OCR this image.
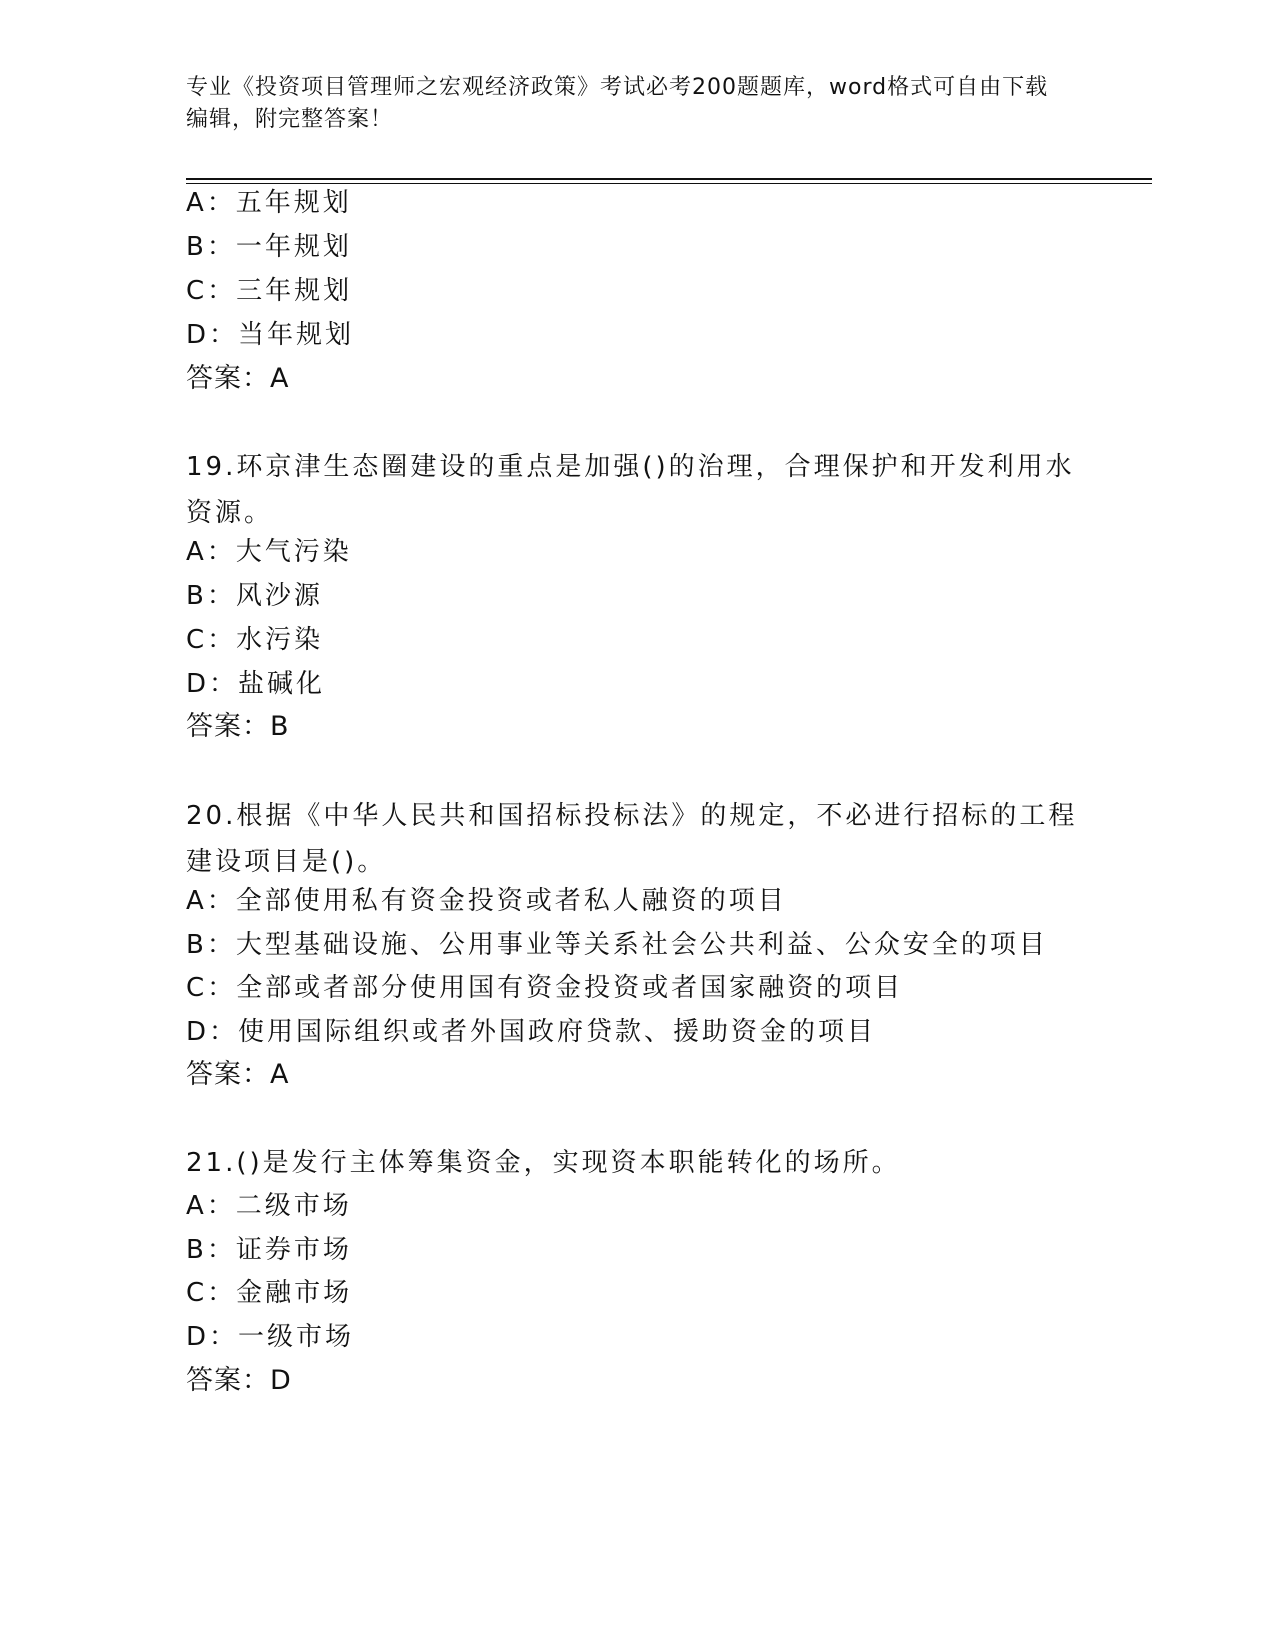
专业《投资项目管理师之宏观经济政策》考试必考200题题库，word格式可自由下载编辑，附完整答案！
A：五年规划
B：一年规划
C：三年规划
D：当年规划
答案：A
19.环京津生态圈建设的重点是加强()的治理，合理保护和开发利用水资源。
A：大气污染
B：风沙源
C：水污染
D：盐碱化
答案：B
20.根据《中华人民共和国招标投标法》的规定，不必进行招标的工程建设项目是()。
A：全部使用私有资金投资或者私人融资的项目
B：大型基础设施、公用事业等关系社会公共利益、公众安全的项目
C：全部或者部分使用国有资金投资或者国家融资的项目
D：使用国际组织或者外国政府贷款、援助资金的项目
答案：A
21.()是发行主体筹集资金，实现资本职能转化的场所。
A：二级市场
B：证券市场
C：金融市场
D：一级市场
答案：D
